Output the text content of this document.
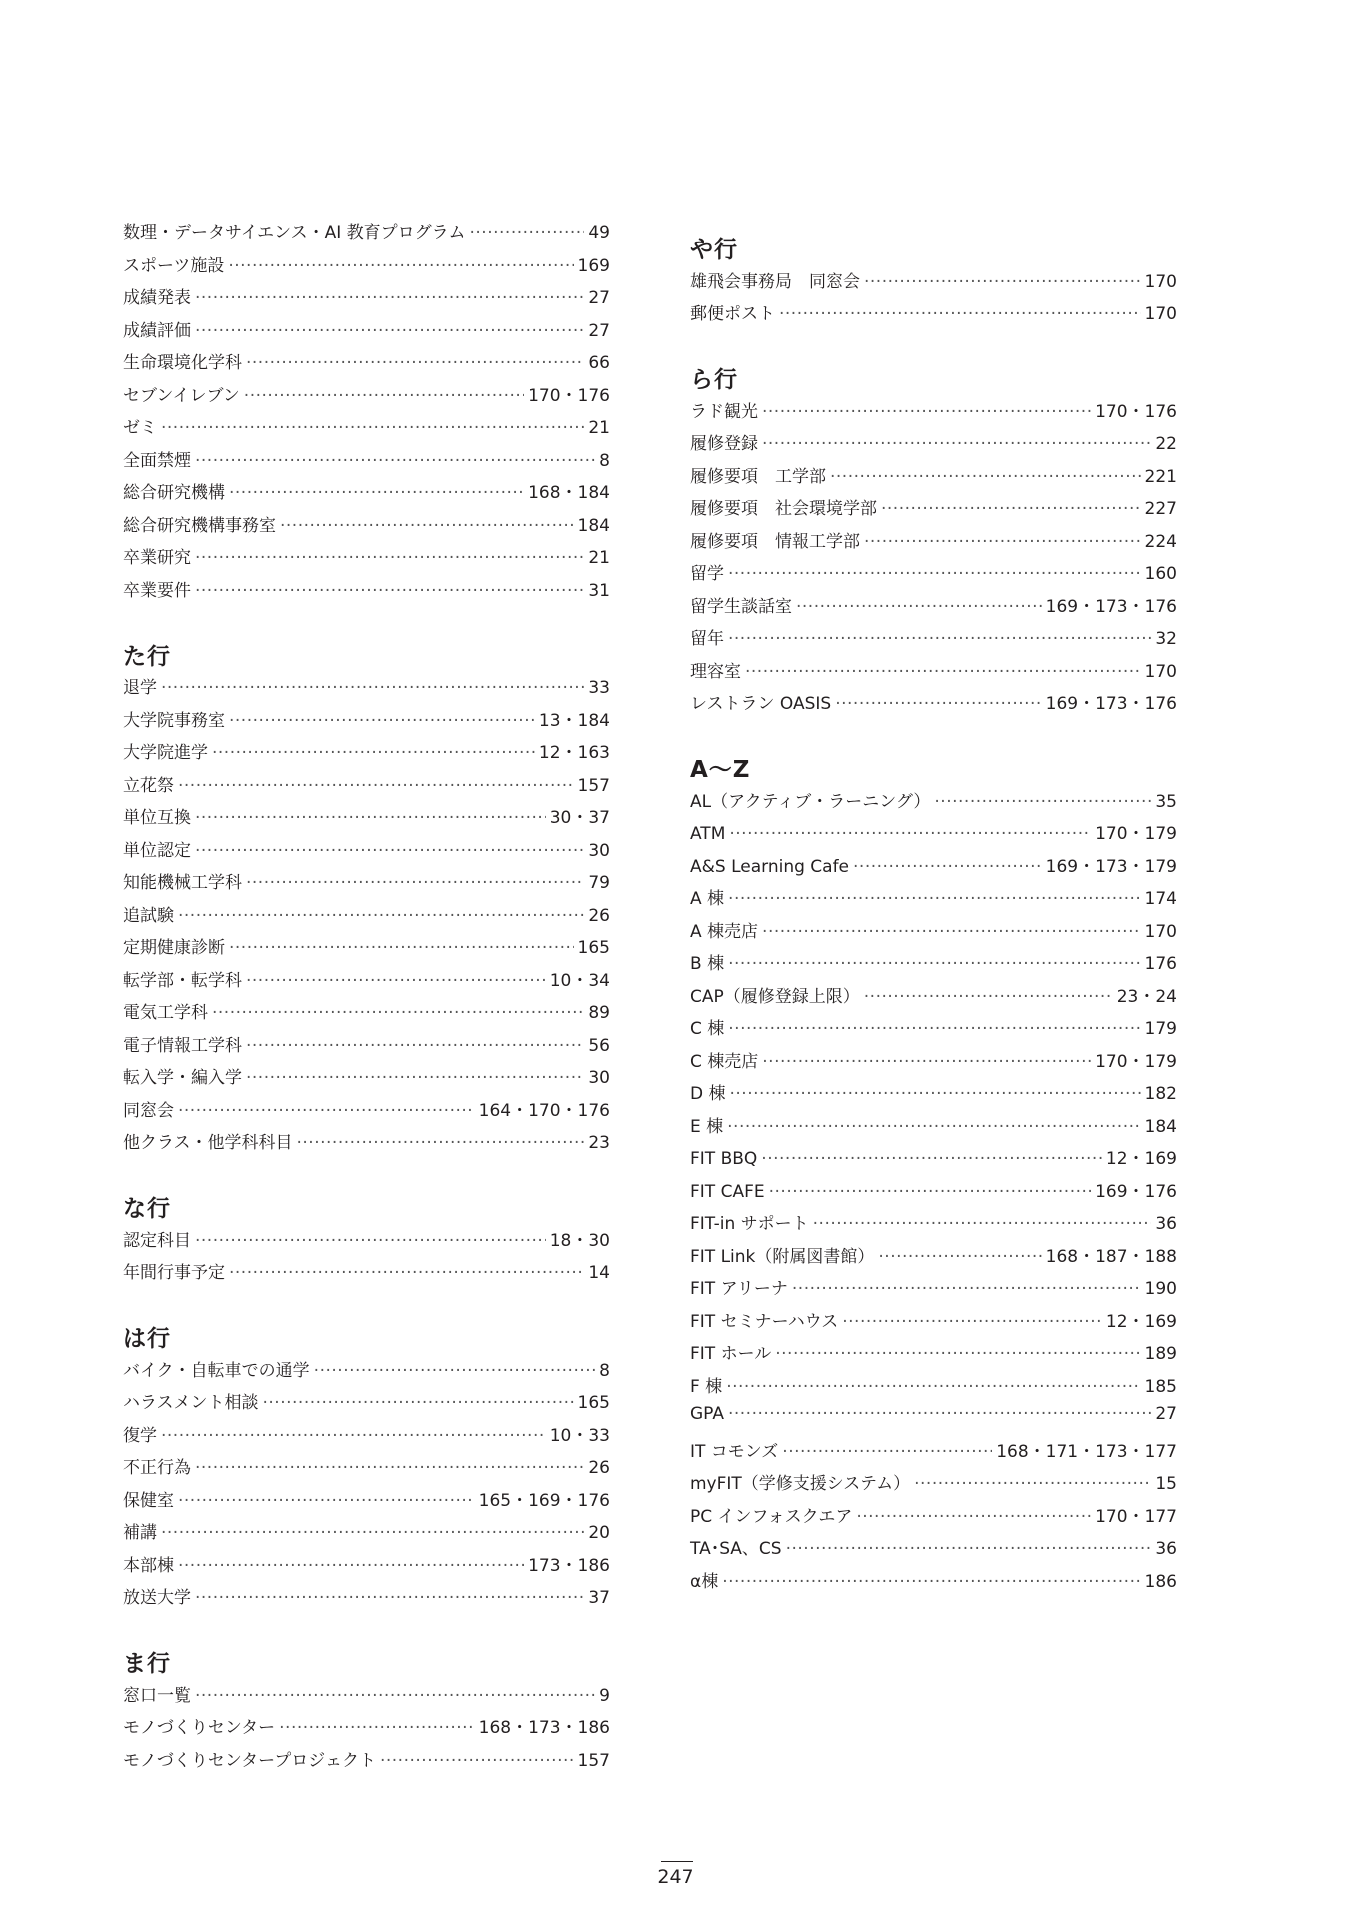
数理・データサイエンス・AI 教育プログラム ·····	49
スポーツ施設 ·····	169
成績発表 ·····	27
成績評価 ·····	27
生命環境化学科 ·····	66
セブンイレブン ·····	170・176
ゼミ ·····	21
全面禁煙 ·····	8
総合研究機構 ·····	168・184
総合研究機構事務室 ·····	184
卒業研究 ·····	21
卒業要件 ·····	31
た行
退学 ·····	33
大学院事務室 ·····	13・184
大学院進学 ·····	12・163
立花祭 ·····	157
単位互換 ·····	30・37
単位認定 ·····	30
知能機械工学科 ·····	79
追試験 ·····	26
定期健康診断 ·····	165
転学部・転学科 ·····	10・34
電気工学科 ·····	89
電子情報工学科 ·····	56
転入学・編入学 ·····	30
同窓会 ·····	164・170・176
他クラス・他学科科目 ·····	23
な行
認定科目 ·····	18・30
年間行事予定 ·····	14
は行
バイク・自転車での通学 ·····	8
ハラスメント相談 ·····	165
復学 ·····	10・33
不正行為 ·····	26
保健室 ·····	165・169・176
補講 ·····	20
本部棟 ·····	173・186
放送大学 ·····	37
ま行
窓口一覧 ·····	9
モノづくりセンター ·····	168・173・186
モノづくりセンタープロジェクト ·····	157
や行
雄飛会事務局　同窓会 ·····	170
郵便ポスト ·····	170
ら行
ラド観光 ·····	170・176
履修登録 ·····	22
履修要項　工学部 ·····	221
履修要項　社会環境学部 ·····	227
履修要項　情報工学部 ·····	224
留学 ·····	160
留学生談話室 ·····	169・173・176
留年 ·····	32
理容室 ·····	170
レストラン OASIS ·····	169・173・176
A～Z
AL（アクティブ・ラーニング） ·····	35
ATM ·····	170・179
A&S Learning Cafe ·····	169・173・179
A 棟 ·····	174
A 棟売店 ·····	170
B 棟 ·····	176
CAP（履修登録上限） ·····	23・24
C 棟 ·····	179
C 棟売店 ·····	170・179
D 棟 ·····	182
E 棟 ·····	184
FIT BBQ ·····	12・169
FIT CAFE ·····	169・176
FIT-in サポート ·····	36
FIT Link（附属図書館） ·····	168・187・188
FIT アリーナ ·····	190
FIT セミナーハウス ·····	12・169
FIT ホール ·····	189
F 棟 ·····	185
GPA ·····	27
IT コモンズ ·····	168・171・173・177
myFIT（学修支援システム） ·····	15
PC インフォスクエア ·····	170・177
TA･SA、CS ·····	36
α棟 ·····	186
247
